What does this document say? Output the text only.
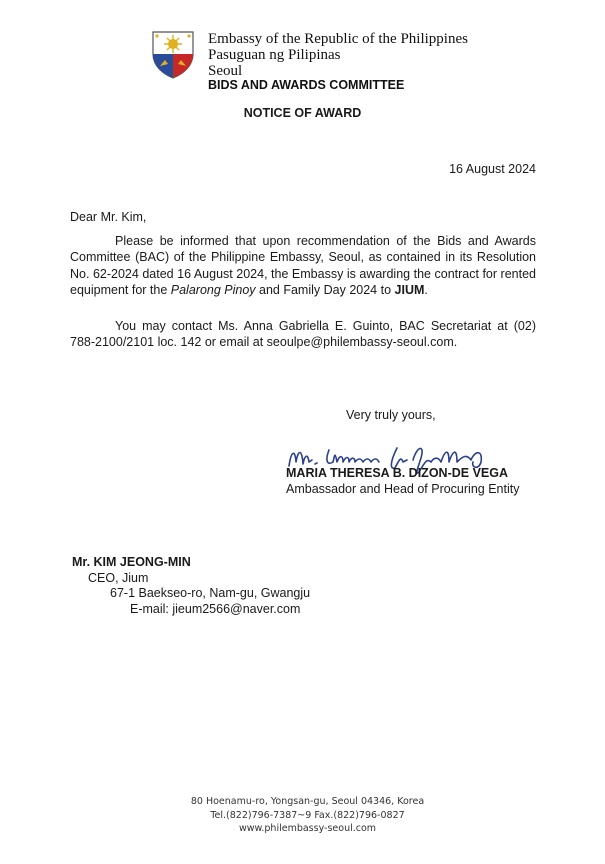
Embassy of the Republic of the Philippines
Pasuguan ng Pilipinas
Seoul
BIDS AND AWARDS COMMITTEE
NOTICE OF AWARD
16 August 2024
Dear Mr. Kim,

Please be informed that upon recommendation of the Bids and Awards Committee (BAC) of the Philippine Embassy, Seoul, as contained in its Resolution No. 62-2024 dated 16 August 2024, the Embassy is awarding the contract for rented equipment for the Palarong Pinoy and Family Day 2024 to JIUM.

You may contact Ms. Anna Gabriella E. Guinto, BAC Secretariat at (02) 788-2100/2101 loc. 142 or email at seoulpe@philembassy-seoul.com.

Very truly yours,
MARIA THERESA B. DIZON-DE VEGA
Ambassador and Head of Procuring Entity
Mr. KIM JEONG-MIN
CEO, Jium
67-1 Baekseo-ro, Nam-gu, Gwangju
E-mail: jieum2566@naver.com
80 Hoenamu-ro, Yongsan-gu, Seoul 04346, Korea
Tel.(822)796-7387~9 Fax.(822)796-0827
www.philembassy-seoul.com
